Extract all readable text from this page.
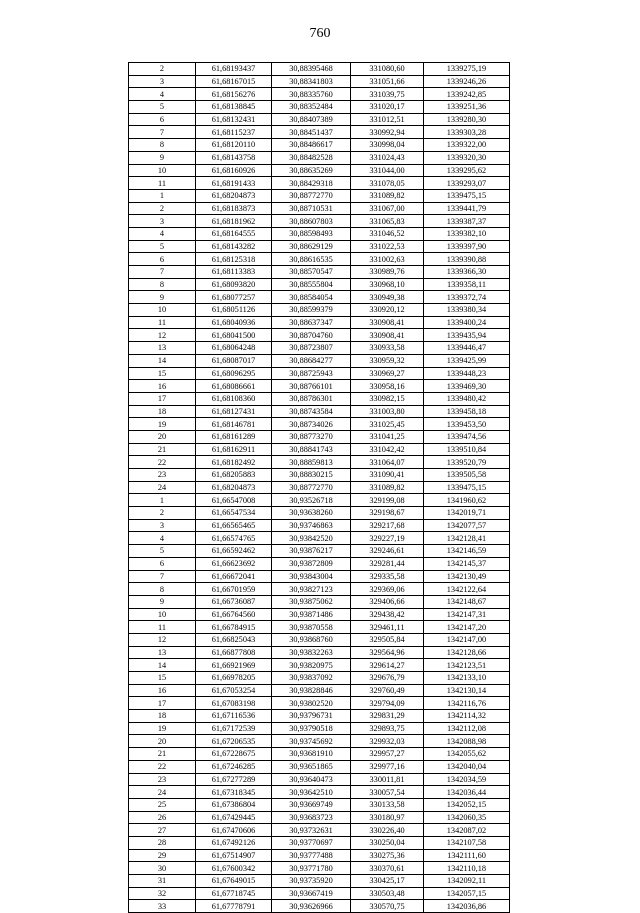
760
2	61,68193437	30,88395468	331080,60	1339275,19
3	61,68167015	30,88341803	331051,66	1339246,26
4	61,68156276	30,88335760	331039,75	1339242,85
5	61,68138845	30,88352484	331020,17	1339251,36
6	61,68132431	30,88407389	331012,51	1339280,30
7	61,68115237	30,88451437	330992,94	1339303,28
8	61,68120110	30,88486617	330998,04	1339322,00
9	61,68143758	30,88482528	331024,43	1339320,30
10	61,68160926	30,88635269	331044,00	1339295,62
11	61,68191433	30,88429318	331078,05	1339293,07
1	61,68204873	30,88772770	331089,82	1339475,15
2	61,68183873	30,88710531	331067,00	1339441,79
3	61,68181962	30,88607803	331065,83	1339387,37
4	61,68164555	30,88598493	331046,52	1339382,10
5	61,68143282	30,88629129	331022,53	1339397,90
6	61,68125318	30,88616535	331002,63	1339390,88
7	61,68113383	30,88570547	330989,76	1339366,30
8	61,68093820	30,88555804	330968,10	1339358,11
9	61,68077257	30,88584054	330949,38	1339372,74
10	61,68051126	30,88599379	330920,12	1339380,34
11	61,68040936	30,88637347	330908,41	1339400,24
12	61,68041500	30,88704760	330908,41	1339435,94
13	61,68064248	30,88723807	330933,58	1339446,47
14	61,68087017	30,88684277	330959,32	1339425,99
15	61,68096295	30,88725943	330969,27	1339448,23
16	61,68086661	30,88766101	330958,16	1339469,30
17	61,68108360	30,88786301	330982,15	1339480,42
18	61,68127431	30,88743584	331003,80	1339458,18
19	61,68146781	30,88734026	331025,45	1339453,50
20	61,68161289	30,88773270	331041,25	1339474,56
21	61,68162911	30,88841743	331042,42	1339510,84
22	61,68182492	30,88859813	331064,07	1339520,79
23	61,68205883	30,88830215	331090,41	1339505,58
24	61,68204873	30,88772770	331089,82	1339475,15
1	61,66547008	30,93526718	329199,08	1341960,62
2	61,66547534	30,93638260	329198,67	1342019,71
3	61,66565465	30,93746863	329217,68	1342077,57
4	61,66574765	30,93842520	329227,19	1342128,41
5	61,66592462	30,93876217	329246,61	1342146,59
6	61,66623692	30,93872809	329281,44	1342145,37
7	61,66672041	30,93843004	329335,58	1342130,49
8	61,66701959	30,93827123	329369,06	1342122,64
9	61,66736087	30,93875062	329406,66	1342148,67
10	61,66764560	30,93871486	329438,42	1342147,31
11	61,66784915	30,93870558	329461,11	1342147,20
12	61,66825043	30,93868760	329505,84	1342147,00
13	61,66877808	30,93832263	329564,96	1342128,66
14	61,66921969	30,93820975	329614,27	1342123,51
15	61,66978205	30,93837092	329676,79	1342133,10
16	61,67053254	30,93828846	329760,49	1342130,14
17	61,67083198	30,93802520	329794,09	1342116,76
18	61,67116536	30,93796731	329831,29	1342114,32
19	61,67172539	30,93790518	329893,75	1342112,08
20	61,67206535	30,93745692	329932,03	1342088,98
21	61,67228675	30,93681910	329957,27	1342055,62
22	61,67246285	30,93651865	329977,16	1342040,04
23	61,67277289	30,93640473	330011,81	1342034,59
24	61,67318345	30,93642510	330057,54	1342036,44
25	61,67386804	30,93669749	330133,58	1342052,15
26	61,67429445	30,93683723	330180,97	1342060,35
27	61,67470606	30,93732631	330226,40	1342087,02
28	61,67492126	30,93770697	330250,04	1342107,58
29	61,67514907	30,93777488	330275,36	1342111,60
30	61,67600342	30,93771780	330370,61	1342110,18
31	61,67649015	30,93735920	330425,17	1342092,11
32	61,67718745	30,93667419	330503,48	1342057,15
33	61,67778791	30,93626966	330570,75	1342036,86
